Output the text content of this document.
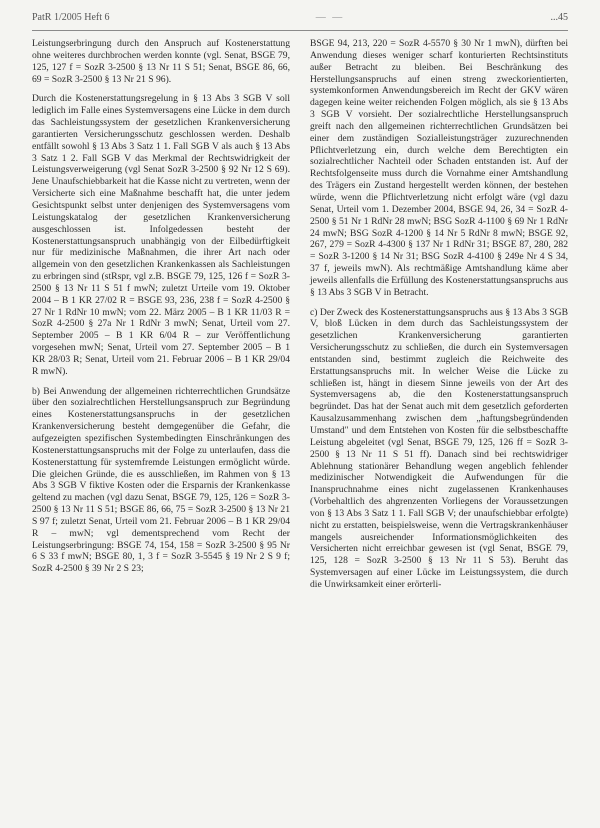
PatR 1/2005 Heft 6	— —	...45

Leistungserbringung durch den Anspruch auf Kostenerstattung ohne weiteres durchbrochen werden konnte (vgl. Senat, BSGE 79, 125, 127 f = SozR 3-2500 § 13 Nr 11 S 51; Senat, BSGE 86, 66, 69 = SozR 3-2500 § 13 Nr 21 S 96).

Durch die Kostenerstattungsregelung in § 13 Abs 3 SGB V soll lediglich im Falle eines Systemversagens eine Lücke in dem durch das Sachleistungssystem der gesetzlichen Krankenversicherung garantierten Versicherungsschutz geschlossen werden. Deshalb entfällt sowohl § 13 Abs 3 Satz 1 1. Fall SGB V als auch § 13 Abs 3 Satz 1 2. Fall SGB V das Merkmal der Rechtswidrigkeit der Leistungsverweigerung (vgl Senat SozR 3-2500 § 92 Nr 12 S 69). Jene Unaufschiebbarkeit hat die Kasse nicht zu vertreten, wenn der Versicherte sich eine Maßnahme beschafft hat, die unter jedem Gesichtspunkt selbst unter denjenigen des Systemversagens vom Leistungskatalog der gesetzlichen Krankenversicherung ausgeschlossen ist. Infolgedessen besteht der Kostenerstattungsanspruch unabhängig von der Eilbedürftigkeit nur für medizinische Maßnahmen, die ihrer Art nach oder allgemein von den gesetzlichen Krankenkassen als Sachleistungen zu erbringen sind (stRspr, vgl z.B. BSGE 79, 125, 126 f = SozR 3-2500 § 13 Nr 11 S 51 f mwN; zuletzt Urteile vom 19. Oktober 2004 – B 1 KR 27/02 R = BSGE 93, 236, 238 f = SozR 4-2500 § 27 Nr 1 RdNr 10 mwN; vom 22. März 2005 – B 1 KR 11/03 R = SozR 4-2500 § 27a Nr 1 RdNr 3 mwN; Senat, Urteil vom 27. September 2005 – B 1 KR 6/04 R – zur Veröffentlichung vorgesehen mwN; Senat, Urteil vom 27. September 2005 – B 1 KR 28/03 R; Senat, Urteil vom 21. Februar 2006 – B 1 KR 29/04 R mwN).

b) Bei Anwendung der allgemeinen richterrechtlichen Grundsätze über den sozialrechtlichen Herstellungsanspruch zur Begründung eines Kostenerstattungsanspruchs in der gesetzlichen Krankenversicherung besteht demgegenüber die Gefahr, die aufgezeigten spezifischen Systembedingten Einschränkungen des Kostenerstattungsanspruchs mit der Folge zu unterlaufen, dass die Kostenerstattung für systemfremde Leistungen ermöglicht würde. Die gleichen Gründe, die es ausschließen, im Rahmen von § 13 Abs 3 SGB V fiktive Kosten oder die Ersparnis der Krankenkasse geltend zu machen (vgl dazu Senat, BSGE 79, 125, 126 = SozR 3-2500 § 13 Nr 11 S 51; BSGE 86, 66, 75 = SozR 3-2500 § 13 Nr 21 S 97 f; zuletzt Senat, Urteil vom 21. Februar 2006 – B 1 KR 29/04 R – mwN; vgl dementsprechend vom Recht der Leistungserbringung: BSGE 74, 154, 158 = SozR 3-2500 § 95 Nr 6 S 33 f mwN; BSGE 80, 1, 3 f = SozR 3-5545 § 19 Nr 2 S 9 f; SozR 4-2500 § 39 Nr 2 S 23;

BSGE 94, 213, 220 = SozR 4-5570 § 30 Nr 1 mwN), dürften bei Anwendung dieses weniger scharf konturierten Rechtsinstituts außer Betracht zu bleiben. Bei Beschränkung des Herstellungsanspruchs auf einen streng zweckorientierten, systemkonformen Anwendungsbereich im Recht der GKV wären dagegen keine weiter reichenden Folgen möglich, als sie § 13 Abs 3 SGB V vorsieht. Der sozialrechtliche Herstellungsanspruch greift nach den allgemeinen richterrechtlichen Grundsätzen bei einer dem zuständigen Sozialleistungsträger zuzurechnenden Pflichtverletzung ein, durch welche dem Berechtigten ein sozialrechtlicher Nachteil oder Schaden entstanden ist. Auf der Rechtsfolgenseite muss durch die Vornahme einer Amtshandlung des Trägers ein Zustand hergestellt werden können, der bestehen würde, wenn die Pflichtverletzung nicht erfolgt wäre (vgl dazu Senat, Urteil vom 1. Dezember 2004, BSGE 94, 26, 34 = SozR 4-2500 § 51 Nr 1 RdNr 28 mwN; BSG SozR 4-1100 § 69 Nr 1 RdNr 24 mwN; BSG SozR 4-1200 § 14 Nr 5 RdNr 8 mwN; BSGE 92, 267, 279 = SozR 4-4300 § 137 Nr 1 RdNr 31; BSGE 87, 280, 282 = SozR 3-1200 § 14 Nr 31; BSG SozR 4-4100 § 249e Nr 4 S 34, 37 f, jeweils mwN). Als rechtmäßige Amtshandlung käme aber jeweils allenfalls die Erfüllung des Kostenerstattungsanspruchs aus § 13 Abs 3 SGB V in Betracht.

c) Der Zweck des Kostenerstattungsanspruchs aus § 13 Abs 3 SGB V, bloß Lücken in dem durch das Sachleistungssystem der gesetzlichen Krankenversicherung garantierten Versicherungsschutz zu schließen, die durch ein Systemversagen entstanden sind, bestimmt zugleich die Reichweite des Erstattungsanspruchs mit. In welcher Weise die Lücke zu schließen ist, hängt in diesem Sinne jeweils von der Art des Systemversagens ab, die den Kostenerstattungsanspruch begründet. Das hat der Senat auch mit dem gesetzlich geforderten Kausalzusammenhang zwischen dem „haftungsbegründenden Umstand" und dem Entstehen von Kosten für die selbstbeschaffte Leistung abgeleitet (vgl Senat, BSGE 79, 125, 126 ff = SozR 3-2500 § 13 Nr 11 S 51 ff). Danach sind bei rechtswidriger Ablehnung stationärer Behandlung wegen angeblich fehlender medizinischer Notwendigkeit die Aufwendungen für die Inanspruchnahme eines nicht zugelassenen Krankenhauses (Vorbehaltlich des ahgrenzenten Vorliegens der Voraussetzungen von § 13 Abs 3 Satz 1 1. Fall SGB V; der unaufschiebbar erfolgte) nicht zu erstatten, beispielsweise, wenn die Vertragskrankenhäuser mangels ausreichender Informationsmöglichkeiten des Versicherten nicht erreichbar gewesen ist (vgl Senat, BSGE 79, 125, 128 = SozR 3-2500 § 13 Nr 11 S 53). Beruht das Systemversagen auf einer Lücke im Leistungssystem, die durch die Unwirksamkeit einer erörterli-
